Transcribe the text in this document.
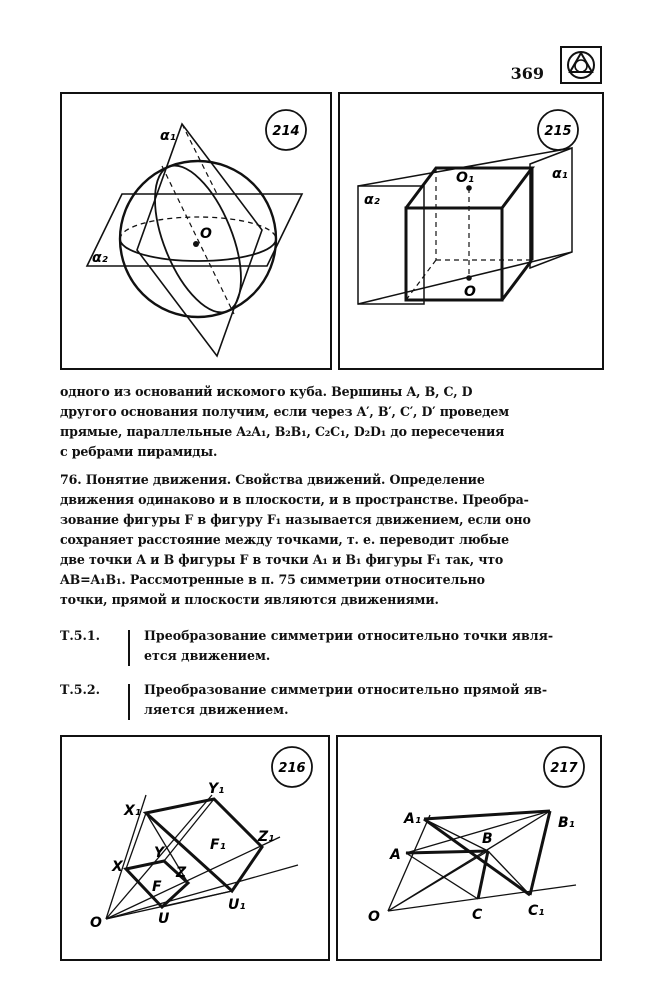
369
214
α₁
α₂
O
215
α₁
α₂
O₁
O
одного из оснований искомого куба. Вершины A, B, C, D
другого основания получим, если через A′, B′, C′, D′ проведем
прямые, параллельные A₂A₁, B₂B₁, C₂C₁, D₂D₁ до пересечения
с ребрами пирамиды.
76. Понятие движения. Свойства движений. Определение
движения одинаково и в плоскости, и в пространстве. Преобра-
зование фигуры F в фигуру F₁ называется движением, если оно
сохраняет расстояние между точками, т. е. переводит любые
две точки A и B фигуры F в точки A₁ и B₁ фигуры F₁ так, что
AB=A₁B₁. Рассмотренные в п. 75 симметрии относительно
точки, прямой и плоскости являются движениями.
Т.5.1.	Преобразование симметрии относительно точки явля-
ется движением.
Т.5.2.	Преобразование симметрии относительно прямой яв-
ляется движением.
216
X₁
Y₁
Z₁
F₁
X
Y
Z
F
O	U
U₁
217
A₁	B₁
A
B
O	C	C₁
